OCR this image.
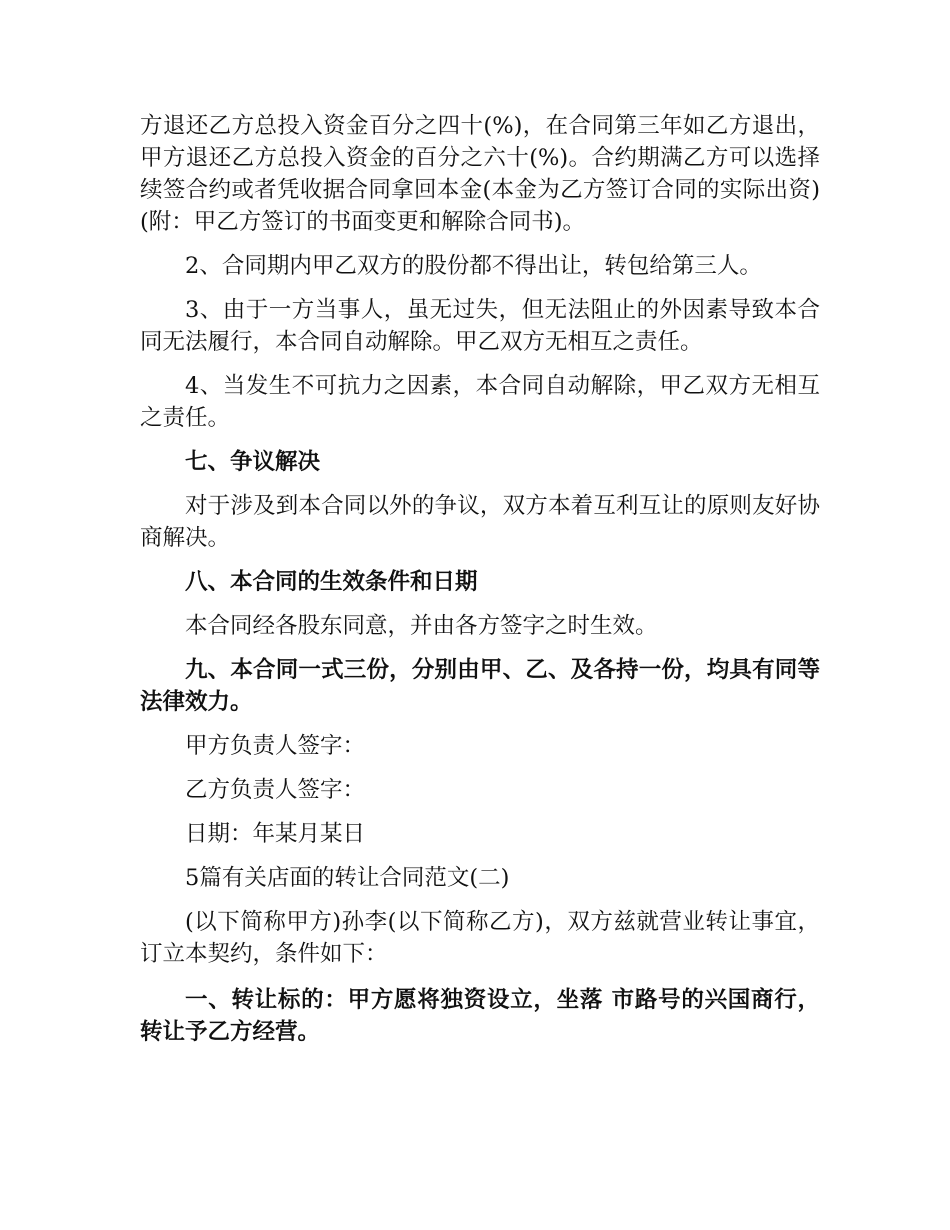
方退还乙方总投入资金百分之四十(%)，在合同第三年如乙方退出，甲方退还乙方总投入资金的百分之六十(%)。合约期满乙方可以选择续签合约或者凭收据合同拿回本金(本金为乙方签订合同的实际出资)(附：甲乙方签订的书面变更和解除合同书)。

2、合同期内甲乙双方的股份都不得出让，转包给第三人。

3、由于一方当事人，虽无过失，但无法阻止的外因素导致本合同无法履行，本合同自动解除。甲乙双方无相互之责任。

4、当发生不可抗力之因素，本合同自动解除，甲乙双方无相互之责任。

七、争议解决

对于涉及到本合同以外的争议，双方本着互利互让的原则友好协商解决。

八、本合同的生效条件和日期

本合同经各股东同意，并由各方签字之时生效。

九、本合同一式三份，分别由甲、乙、及各持一份，均具有同等法律效力。

甲方负责人签字：

乙方负责人签字：

日期：年某月某日

5篇有关店面的转让合同范文(二)

(以下简称甲方)孙李(以下简称乙方)，双方兹就营业转让事宜，订立本契约，条件如下：

一、转让标的：甲方愿将独资设立，坐落 市路号的兴国商行，转让予乙方经营。
